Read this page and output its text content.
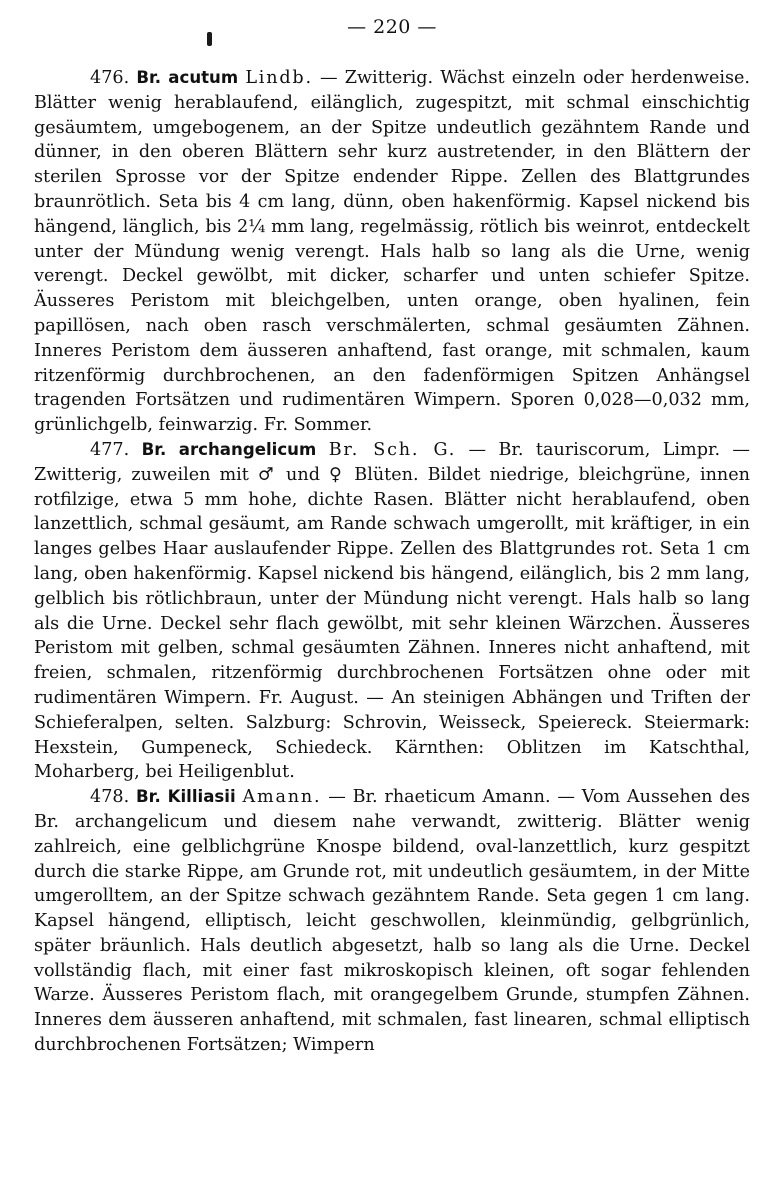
— 220 —

476. Br. acutum Lindb. — Zwitterig. Wächst einzeln oder herdenweise. Blätter wenig herablaufend, eilänglich, zugespitzt, mit schmal einschichtig gesäumtem, umgebogenem, an der Spitze undeutlich gezähntem Rande und dünner, in den oberen Blättern sehr kurz austretender, in den Blättern der sterilen Sprosse vor der Spitze endender Rippe. Zellen des Blattgrundes braunrötlich. Seta bis 4 cm lang, dünn, oben hakenförmig. Kapsel nickend bis hängend, länglich, bis 2¼ mm lang, regelmässig, rötlich bis weinrot, entdeckelt unter der Mündung wenig verengt. Hals halb so lang als die Urne, wenig verengt. Deckel gewölbt, mit dicker, scharfer und unten schiefer Spitze. Äusseres Peristom mit bleichgelben, unten orange, oben hyalinen, fein papillösen, nach oben rasch verschmälerten, schmal gesäumten Zähnen. Inneres Peristom dem äusseren anhaftend, fast orange, mit schmalen, kaum ritzenförmig durchbrochenen, an den fadenförmigen Spitzen Anhängsel tragenden Fortsätzen und rudimentären Wimpern. Sporen 0,028—0,032 mm, grünlichgelb, feinwarzig. Fr. Sommer.

477. Br. archangelicum Br. Sch. G. — Br. tauriscorum, Limpr. — Zwitterig, zuweilen mit ♂ und ♀ Blüten. Bildet niedrige, bleichgrüne, innen rotfilzige, etwa 5 mm hohe, dichte Rasen. Blätter nicht herablaufend, oben lanzettlich, schmal gesäumt, am Rande schwach umgerollt, mit kräftiger, in ein langes gelbes Haar auslaufender Rippe. Zellen des Blattgrundes rot. Seta 1 cm lang, oben hakenförmig. Kapsel nickend bis hängend, eilänglich, bis 2 mm lang, gelblich bis rötlichbraun, unter der Mündung nicht verengt. Hals halb so lang als die Urne. Deckel sehr flach gewölbt, mit sehr kleinen Wärzchen. Äusseres Peristom mit gelben, schmal gesäumten Zähnen. Inneres nicht anhaftend, mit freien, schmalen, ritzenförmig durchbrochenen Fortsätzen ohne oder mit rudimentären Wimpern. Fr. August. — An steinigen Abhängen und Triften der Schieferalpen, selten. Salzburg: Schrovin, Weisseck, Speiereck. Steiermark: Hexstein, Gumpeneck, Schiedeck. Kärnthen: Oblitzen im Katschthal, Moharberg, bei Heiligenblut.

478. Br. Killiasii Amann. — Br. rhaeticum Amann. — Vom Aussehen des Br. archangelicum und diesem nahe verwandt, zwitterig. Blätter wenig zahlreich, eine gelblichgrüne Knospe bildend, oval-lanzettlich, kurz gespitzt durch die starke Rippe, am Grunde rot, mit undeutlich gesäumtem, in der Mitte umgerolltem, an der Spitze schwach gezähntem Rande. Seta gegen 1 cm lang. Kapsel hängend, elliptisch, leicht geschwollen, kleinmündig, gelbgrünlich, später bräunlich. Hals deutlich abgesetzt, halb so lang als die Urne. Deckel vollständig flach, mit einer fast mikroskopisch kleinen, oft sogar fehlenden Warze. Äusseres Peristom flach, mit orangegelbem Grunde, stumpfen Zähnen. Inneres dem äusseren anhaftend, mit schmalen, fast linearen, schmal elliptisch durchbrochenen Fortsätzen; Wimpern
